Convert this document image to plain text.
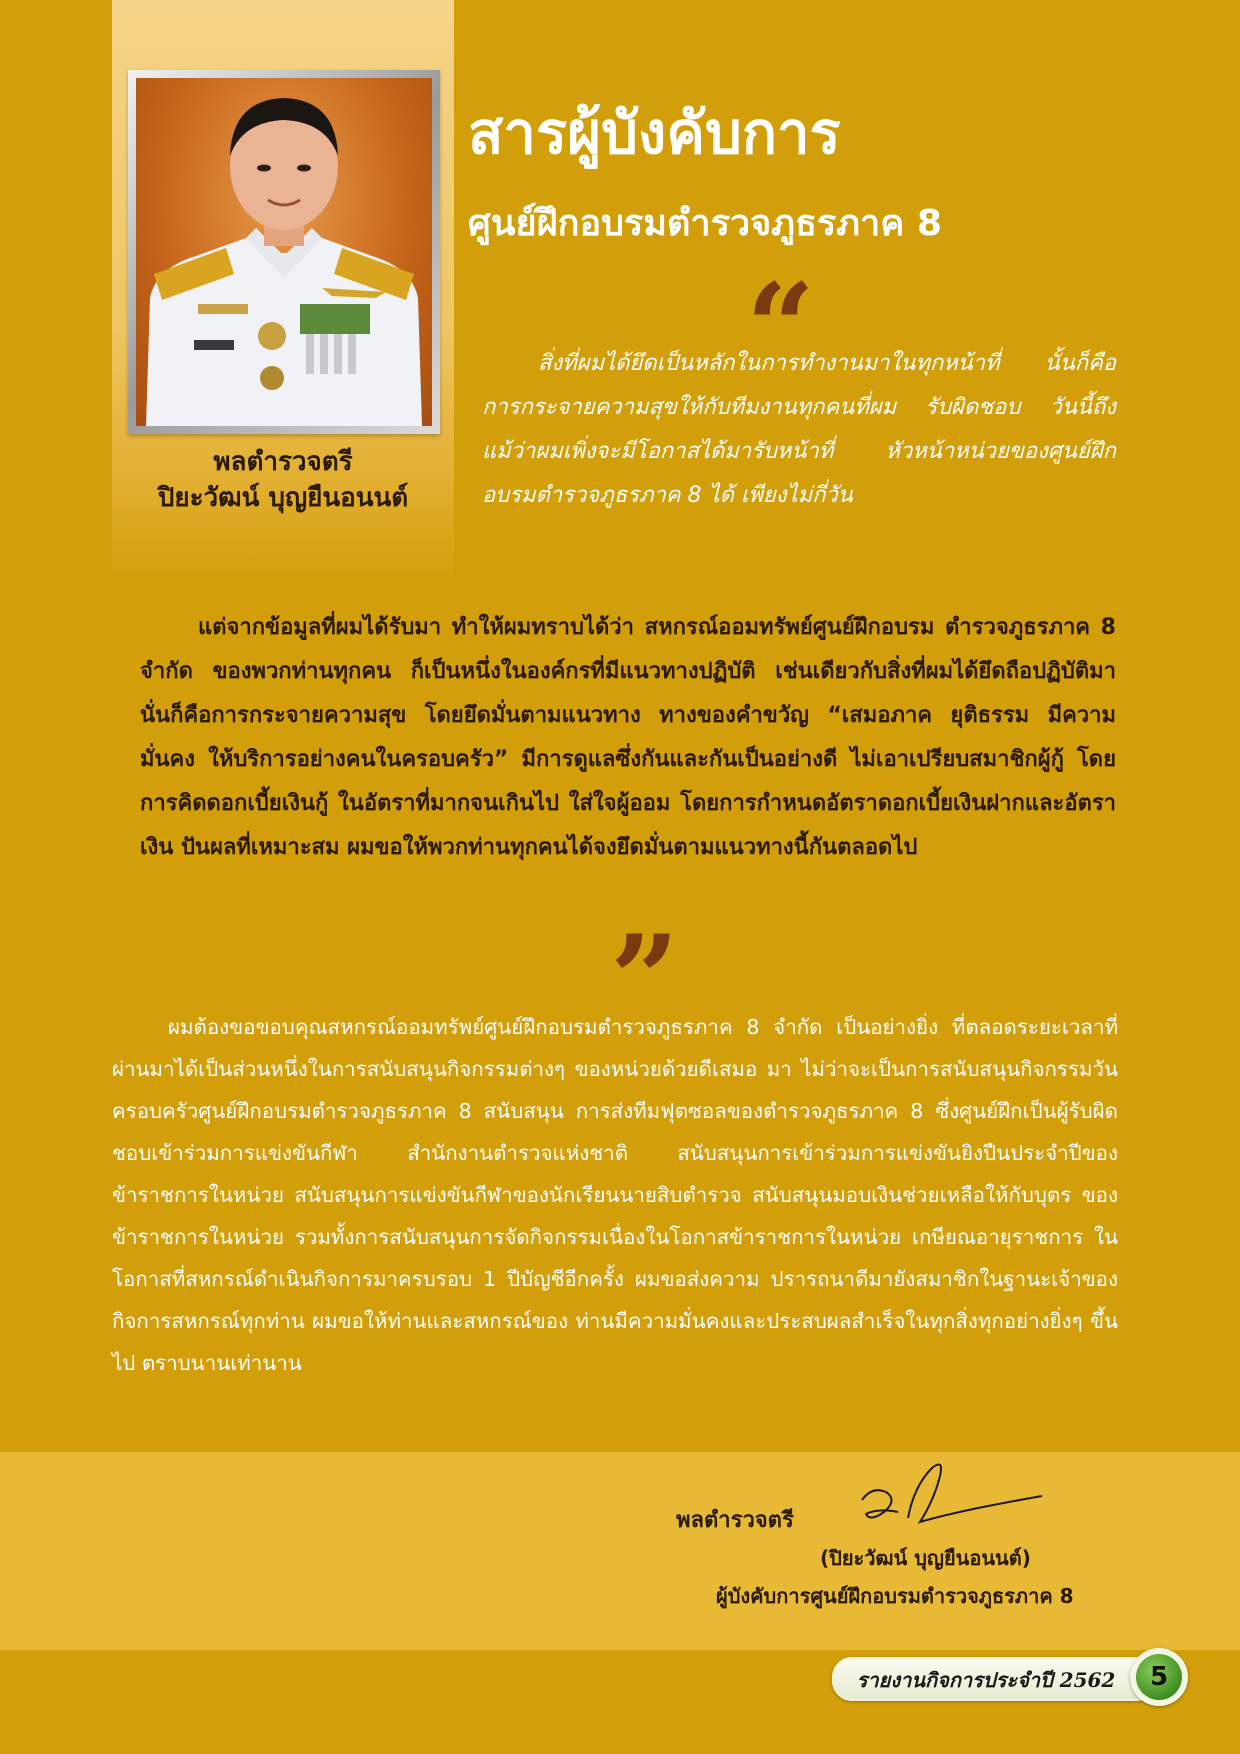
พลตำรวจตรี
ปิยะวัฒน์ บุญยืนอนนต์
สารผู้บังคับการ
ศูนย์ฝึกอบรมตำรวจภูธรภาค 8
“
สิ่งที่ผมได้ยึดเป็นหลักในการทำงานมาในทุกหน้าที่ นั้นก็คือ การกระจายความสุขให้กับทีมงานทุกคนที่ผม รับผิดชอบ วันนี้ถึงแม้ว่าผมเพิ่งจะมีโอกาสได้มารับหน้าที่ หัวหน้าหน่วยของศูนย์ฝึกอบรมตำรวจภูธรภาค 8 ได้ เพียงไม่กี่วัน
แต่จากข้อมูลที่ผมได้รับมา ทำให้ผมทราบได้ว่า สหกรณ์ออมทรัพย์ศูนย์ฝึกอบรม ตำรวจภูธรภาค 8 จำกัด ของพวกท่านทุกคน ก็เป็นหนึ่งในองค์กรที่มีแนวทางปฏิบัติ เช่นเดียวกับสิ่งที่ผมได้ยึดถือปฏิบัติมา นั่นก็คือการกระจายความสุข โดยยึดมั่นตามแนวทาง ทางของคำขวัญ “เสมอภาค ยุติธรรม มีความมั่นคง ให้บริการอย่างคนในครอบครัว” มีการดูแลซึ่งกันและกันเป็นอย่างดี ไม่เอาเปรียบสมาชิกผู้กู้ โดยการคิดดอกเบี้ยเงินกู้ ในอัตราที่มากจนเกินไป ใส่ใจผู้ออม โดยการกำหนดอัตราดอกเบี้ยเงินฝากและอัตราเงิน ปันผลที่เหมาะสม ผมขอให้พวกท่านทุกคนได้จงยึดมั่นตามแนวทางนี้กันตลอดไป
”
ผมต้องขอขอบคุณสหกรณ์ออมทรัพย์ศูนย์ฝึกอบรมตำรวจภูธรภาค 8 จำกัด เป็นอย่างยิ่ง ที่ตลอดระยะเวลาที่ผ่านมาได้เป็นส่วนหนึ่งในการสนับสนุนกิจกรรมต่างๆ ของหน่วยด้วยดีเสมอ มา ไม่ว่าจะเป็นการสนับสนุนกิจกรรมวันครอบครัวศูนย์ฝึกอบรมตำรวจภูธรภาค 8 สนับสนุน การส่งทีมฟุตซอลของตำรวจภูธรภาค 8 ซึ่งศูนย์ฝึกเป็นผู้รับผิดชอบเข้าร่วมการแข่งขันกีฬา สำนักงานตำรวจแห่งชาติ สนับสนุนการเข้าร่วมการแข่งขันยิงปืนประจำปีของข้าราชการในหน่วย สนับสนุนการแข่งขันกีฬาของนักเรียนนายสิบตำรวจ สนับสนุนมอบเงินช่วยเหลือให้กับบุตร ของข้าราชการในหน่วย รวมทั้งการสนับสนุนการจัดกิจกรรมเนื่องในโอกาสข้าราชการในหน่วย เกษียณอายุราชการ ในโอกาสที่สหกรณ์ดำเนินกิจการมาครบรอบ 1 ปีบัญชีอีกครั้ง ผมขอส่งความ ปรารถนาดีมายังสมาชิกในฐานะเจ้าของกิจการสหกรณ์ทุกท่าน ผมขอให้ท่านและสหกรณ์ของ ท่านมีความมั่นคงและประสบผลสำเร็จในทุกสิ่งทุกอย่างยิ่งๆ ขึ้นไป ตราบนานเท่านาน
พลตำรวจตรี
(ปิยะวัฒน์ บุญยืนอนนต์)
ผู้บังคับการศูนย์ฝึกอบรมตำรวจภูธรภาค 8
รายงานกิจการประจำปี 2562	5
